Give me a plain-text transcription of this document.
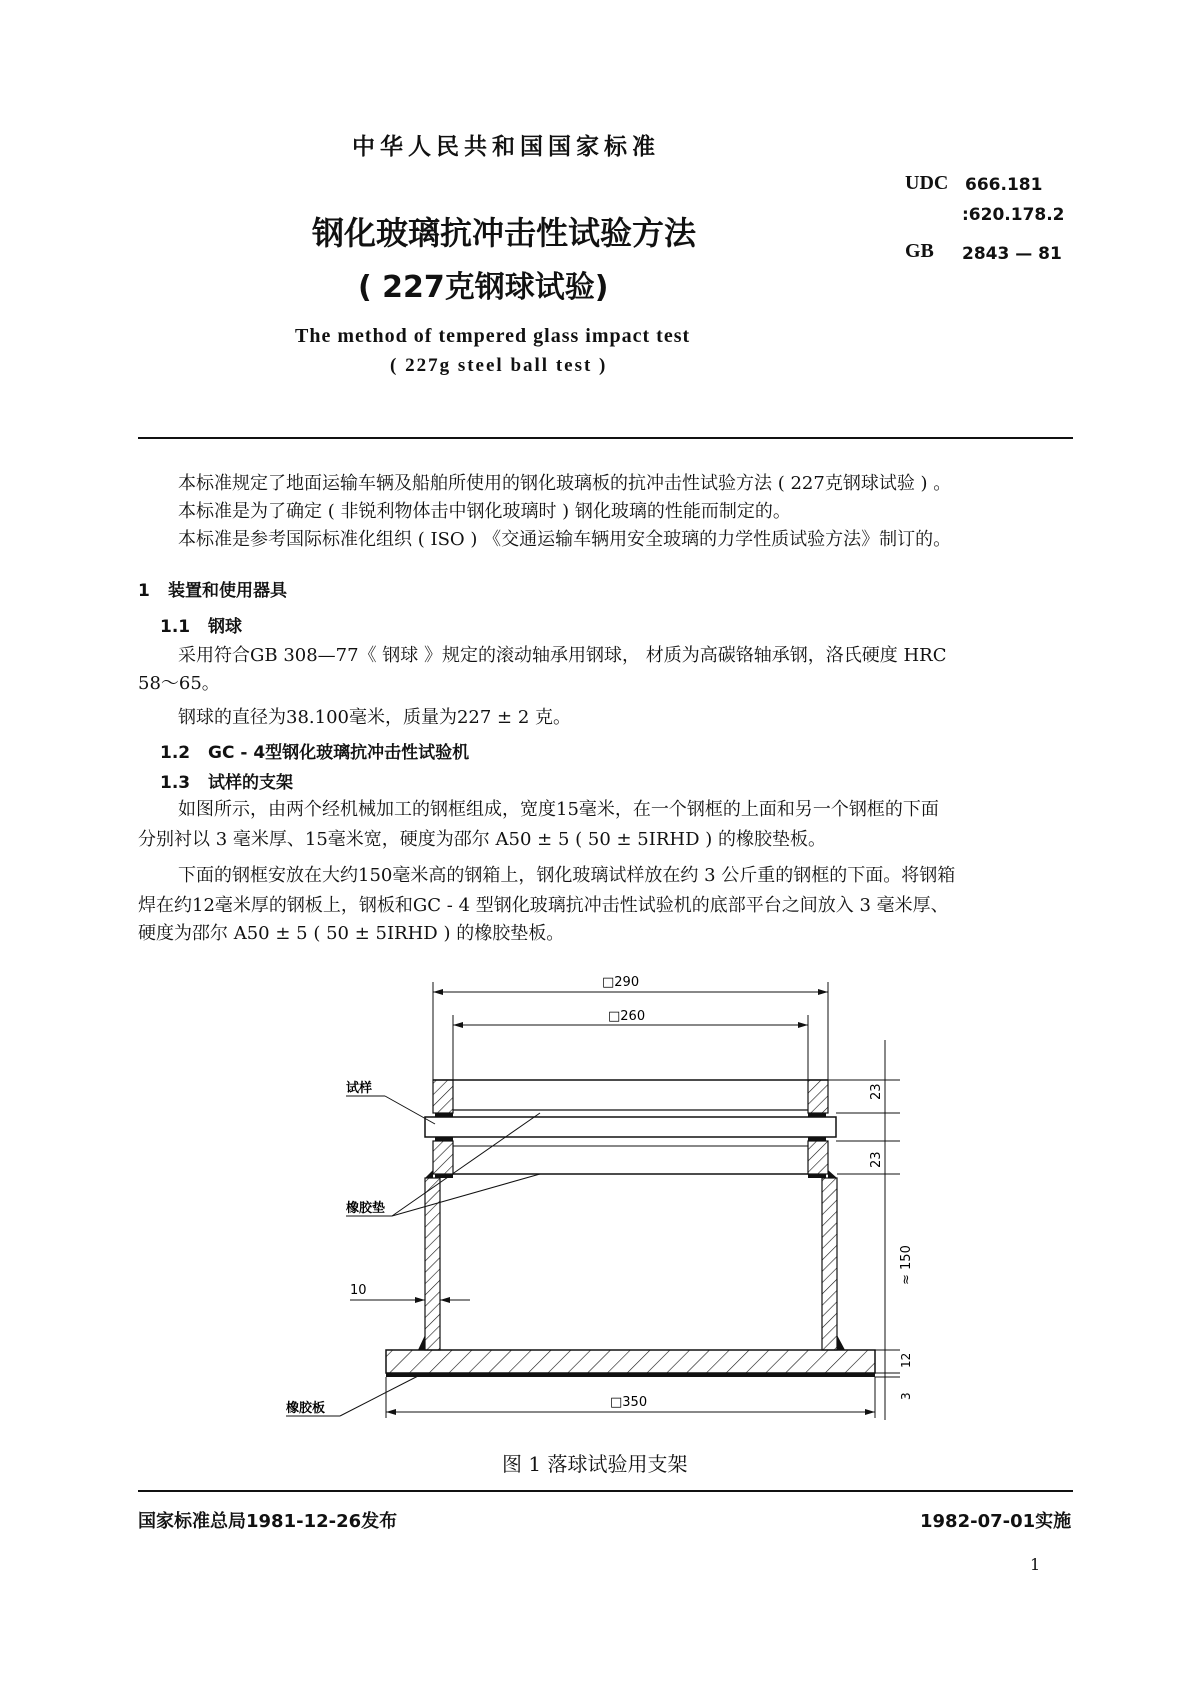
中华人民共和国国家标准
UDC 666.181
:620.178.2
GB 2843 — 81
钢化玻璃抗冲击性试验方法
( 227克钢球试验)
The method of tempered glass impact test
( 227g steel ball test )
本标准规定了地面运输车辆及船舶所使用的钢化玻璃板的抗冲击性试验方法 ( 227克钢球试验 ) 。
本标准是为了确定 ( 非锐利物体击中钢化玻璃时 ) 钢化玻璃的性能而制定的。
本标准是参考国际标准化组织 ( ISO ) 《交通运输车辆用安全玻璃的力学性质试验方法》制订的。
1 装置和使用器具
1.1 钢球
采用符合GB 308—77《 钢球 》规定的滚动轴承用钢球， 材质为高碳铬轴承钢，洛氏硬度 HRC
58～65。
钢球的直径为38.100毫米，质量为227 ± 2 克。
1.2 GC - 4型钢化玻璃抗冲击性试验机
1.3 试样的支架
如图所示，由两个经机械加工的钢框组成，宽度15毫米，在一个钢框的上面和另一个钢框的下面
分别衬以 3 毫米厚、15毫米宽，硬度为邵尔 A50 ± 5 ( 50 ± 5IRHD ) 的橡胶垫板。
下面的钢框安放在大约150毫米高的钢箱上，钢化玻璃试样放在约 3 公斤重的钢框的下面。将钢箱
焊在约12毫米厚的钢板上，钢板和GC - 4 型钢化玻璃抗冲击性试验机的底部平台之间放入 3 毫米厚、
硬度为邵尔 A50 ± 5 ( 50 ± 5IRHD ) 的橡胶垫板。
□290
□260
□350
23
23
≈ 150
12
3
10
试样
橡胶垫
橡胶板
图 1 落球试验用支架
国家标准总局1981-12-26发布	1982-07-01实施
1
